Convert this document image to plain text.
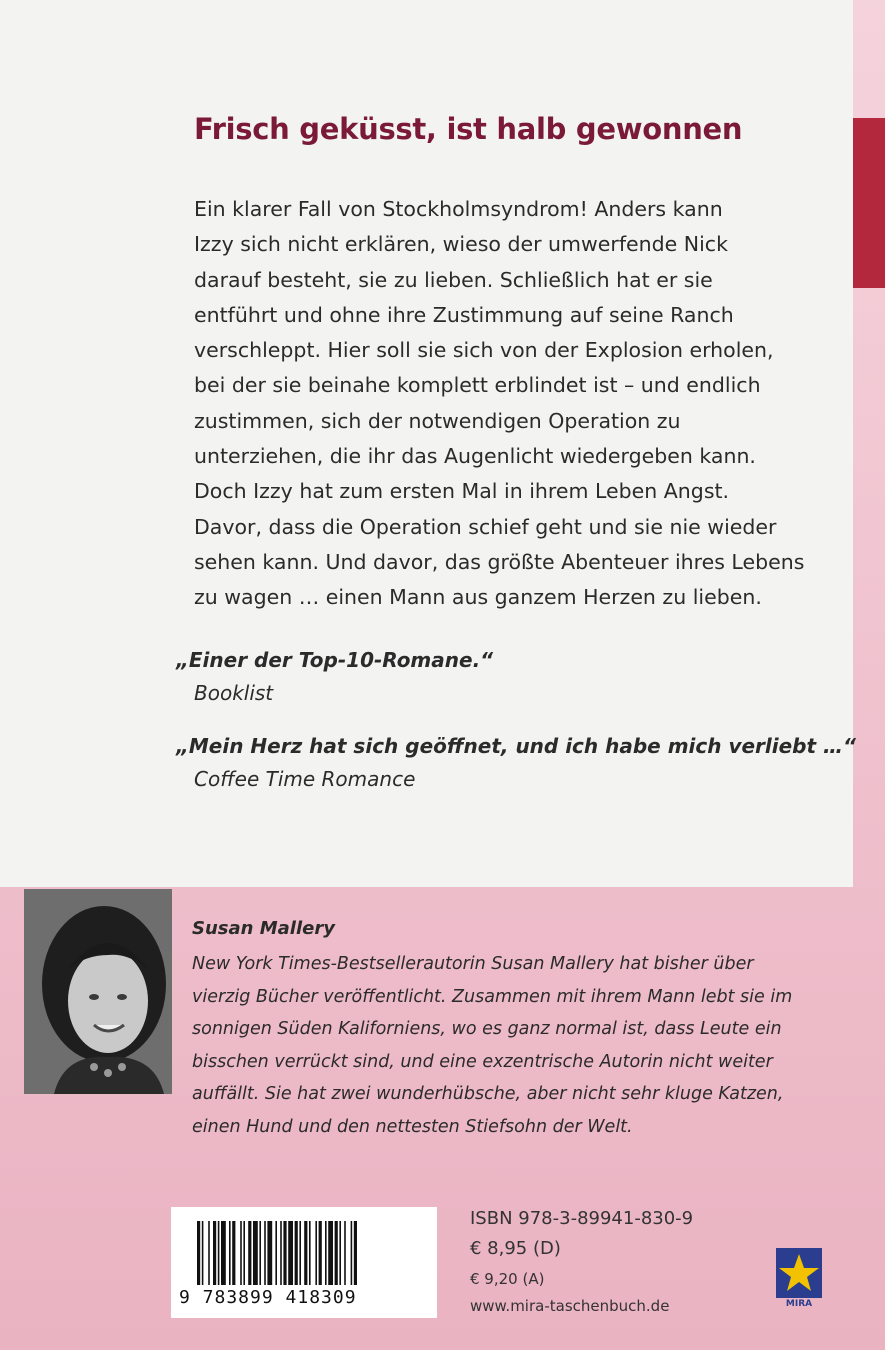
Frisch geküsst, ist halb gewonnen
Ein klarer Fall von Stockholmsyndrom! Anders kann
Izzy sich nicht erklären, wieso der umwerfende Nick
darauf besteht, sie zu lieben. Schließlich hat er sie
entführt und ohne ihre Zustimmung auf seine Ranch
verschleppt. Hier soll sie sich von der Explosion erholen,
bei der sie beinahe komplett erblindet ist – und endlich
zustimmen, sich der notwendigen Operation zu
unterziehen, die ihr das Augenlicht wiedergeben kann.
Doch Izzy hat zum ersten Mal in ihrem Leben Angst.
Davor, dass die Operation schief geht und sie nie wieder
sehen kann. Und davor, das größte Abenteuer ihres Lebens
zu wagen … einen Mann aus ganzem Herzen zu lieben.
„Einer der Top-10-Romane.“
Booklist
„Mein Herz hat sich geöffnet, und ich habe mich verliebt …“
Coffee Time Romance
Susan Mallery
New York Times-Bestsellerautorin Susan Mallery hat bisher über
vierzig Bücher veröffentlicht. Zusammen mit ihrem Mann lebt sie im
sonnigen Süden Kaliforniens, wo es ganz normal ist, dass Leute ein
bisschen verrückt sind, und eine exzentrische Autorin nicht weiter
auffällt. Sie hat zwei wunderhübsche, aber nicht sehr kluge Katzen,
einen Hund und den nettesten Stiefsohn der Welt.
9 783899 418309
ISBN 978-3-89941-830-9
€ 8,95 (D)
€ 9,20 (A)
www.mira-taschenbuch.de	MIRA
